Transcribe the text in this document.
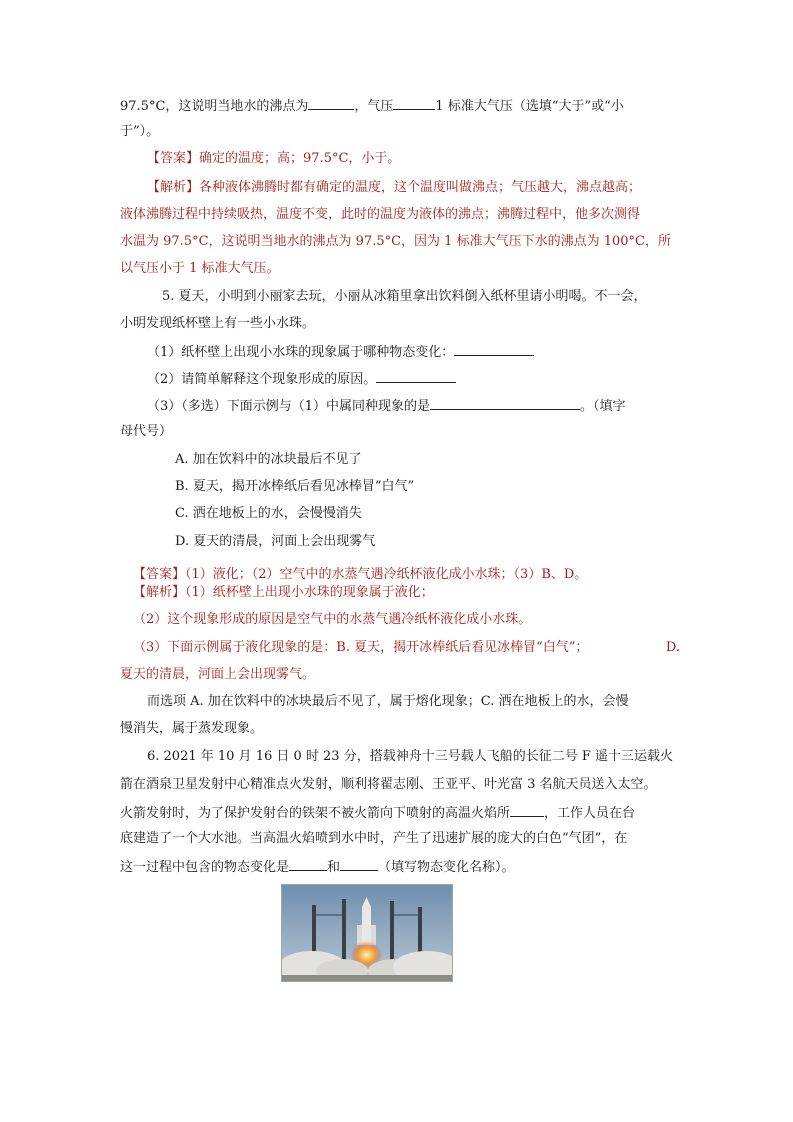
97.5°C，这说明当地水的沸点为	，气压	1 标准大气压（选填“大于”或“小
于”）。
【答案】确定的温度；高；97.5°C，小于。
【解析】各种液体沸腾时都有确定的温度，这个温度叫做沸点；气压越大，沸点越高；
液体沸腾过程中持续吸热，温度不变，此时的温度为液体的沸点；沸腾过程中，他多次测得
水温为 97.5°C，这说明当地水的沸点为 97.5°C，因为 1 标准大气压下水的沸点为 100°C，所
以气压小于 1 标准大气压。
5. 夏天，小明到小丽家去玩，小丽从冰箱里拿出饮料倒入纸杯里请小明喝。不一会，
小明发现纸杯壁上有一些小水珠。
（1）纸杯壁上出现小水珠的现象属于哪种物态变化：
（2）请简单解释这个现象形成的原因。
（3）（多选）下面示例与（1）中属同种现象的是	。（填字
母代号）
A. 加在饮料中的冰块最后不见了
B. 夏天，揭开冰棒纸后看见冰棒冒“白气”
C. 洒在地板上的水，会慢慢消失
D. 夏天的清晨，河面上会出现雾气
【答案】（1）液化；（2）空气中的水蒸气遇冷纸杯液化成小水珠；（3）B、D。
【解析】（1）纸杯壁上出现小水珠的现象属于液化；
（2）这个现象形成的原因是空气中的水蒸气遇冷纸杯液化成小水珠。
（3）下面示例属于液化现象的是：B. 夏天，揭开冰棒纸后看见冰棒冒“白气”；	D.
夏天的清晨，河面上会出现雾气。
而选项 A. 加在饮料中的冰块最后不见了，属于熔化现象；C. 洒在地板上的水，会慢
慢消失，属于蒸发现象。
6. 2021 年 10 月 16 日 0 时 23 分，搭载神舟十三号载人飞船的长征二号 F 遥十三运载火
箭在酒泉卫星发射中心精准点火发射，顺利将翟志刚、王亚平、叶光富 3 名航天员送入太空。
火箭发射时，为了保护发射台的铁架不被火箭向下喷射的高温火焰所	，工作人员在台
底建造了一个大水池。当高温火焰喷到水中时，产生了迅速扩展的庞大的白色“气团”，在
这一过程中包含的物态变化是	和	（填写物态变化名称）。
